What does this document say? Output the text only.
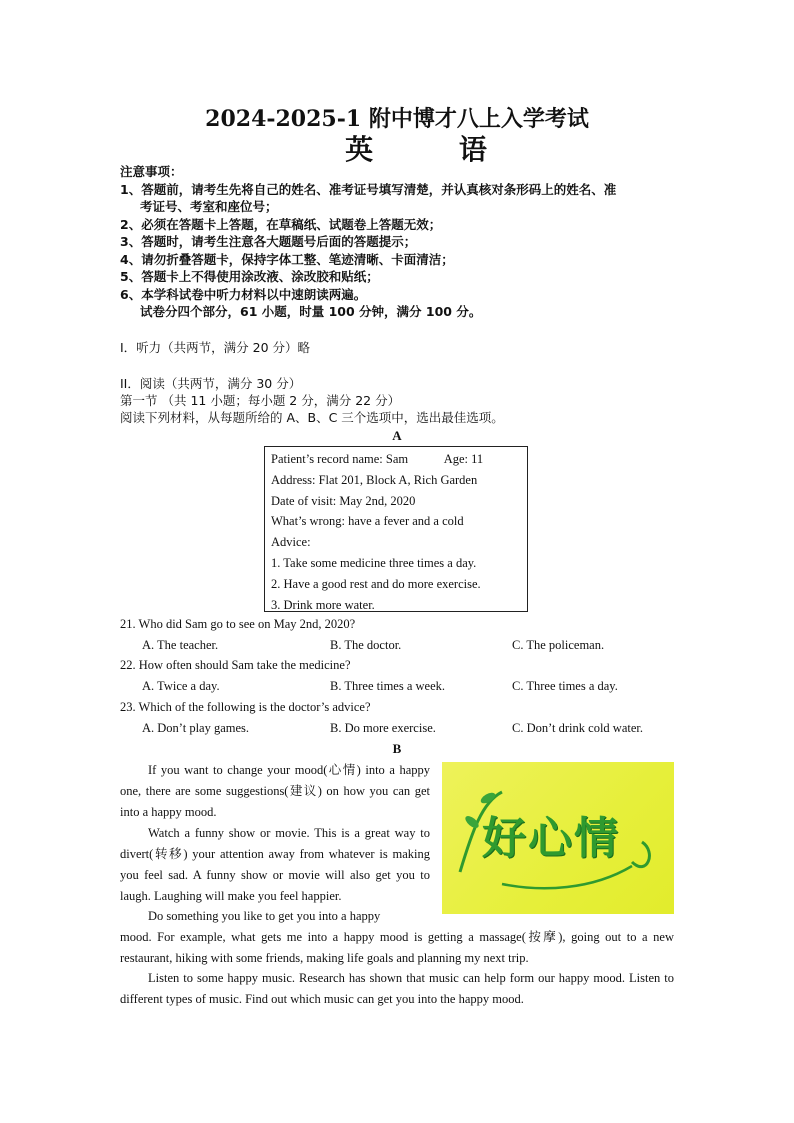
2024-2025-1 附中博才八上入学考试
英 语
注意事项：
1、答题前，请考生先将自己的姓名、准考证号填写清楚，并认真核对条形码上的姓名、准
考证号、考室和座位号；
2、必须在答题卡上答题，在草稿纸、试题卷上答题无效；
3、答题时，请考生注意各大题题号后面的答题提示；
4、请勿折叠答题卡，保持字体工整、笔迹清晰、卡面清洁；
5、答题卡上不得使用涂改液、涂改胶和贴纸；
6、本学科试卷中听力材料以中速朗读两遍。
试卷分四个部分，61 小题，时量 100 分钟，满分 100 分。
I．听力（共两节，满分 20 分）略
II．阅读（共两节，满分 30 分）
第一节 （共 11 小题；每小题 2 分，满分 22 分）
阅读下列材料，从每题所给的 A、B、C 三个选项中，选出最佳选项。
A
Patient’s record name: Sam	Age: 11
Address: Flat 201, Block A, Rich Garden
Date of visit: May 2nd, 2020
What’s wrong: have a fever and a cold
Advice:
1. Take some medicine three times a day.
2. Have a good rest and do more exercise.
3. Drink more water.
21. Who did Sam go to see on May 2nd, 2020?
A. The teacher.	B. The doctor.	C. The policeman.
22. How often should Sam take the medicine?
A. Twice a day.	B. Three times a week.	C. Three times a day.
23. Which of the following is the doctor’s advice?
A. Don’t play games.	B. Do more exercise.	C. Don’t drink cold water.
B
If you want to change your mood(心情) into a happy one, there are some suggestions(建议) on how you can get into a happy mood.
Watch a funny show or movie. This is a great way to divert(转移) your attention away from whatever is making you feel sad. A funny show or movie will also get you to laugh. Laughing will make you feel happier.
Do something you like to get you into a happy
mood. For example, what gets me into a happy mood is getting a massage(按摩), going out to a new restaurant, hiking with some friends, making life goals and planning my next trip.
Listen to some happy music. Research has shown that music can help form our happy mood. Listen to different types of music. Find out which music can get you into the happy mood.
好心情
